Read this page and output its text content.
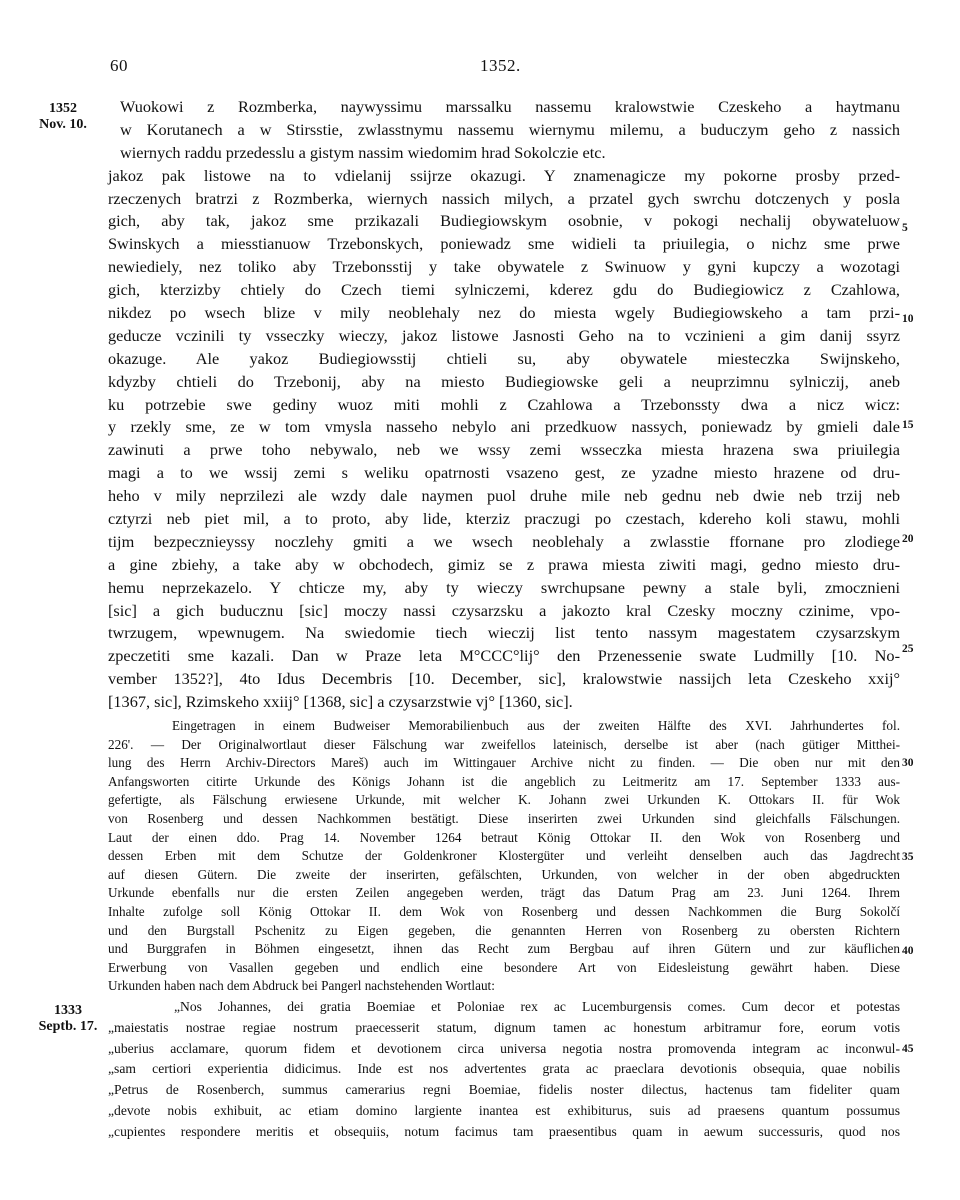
60	1352.
1352
Nov. 10.
1333
Septb. 17.
Wuokowi z Rozmberka, naywyssimu marssalku nassemu kralowstwie Czeskeho a haytmanu
w Korutanech a w Stirsstie, zwlasstnymu nassemu wiernymu milemu, a buduczym geho z nassich
wiernych raddu przedesslu a gistym nassim wiedomim hrad Sokolczie etc.
jakoz pak listowe na to vdielanij ssijrze okazugi. Y znamenagicze my pokorne prosby przed-
rzeczenych bratrzi z Rozmberka, wiernych nassich milych, a przatel gych swrchu dotczenych y posla
gich, aby tak, jakoz sme przikazali Budiegiowskym osobnie, v pokogi nechalij obywateluow
Swinskych a miesstianuow Trzebonskych, poniewadz sme widieli ta priuilegia, o nichz sme prwe
newiediely, nez toliko aby Trzebonsstij y take obywatele z Swinuow y gyni kupczy a wozotagi
gich, kterzizby chtiely do Czech tiemi sylniczemi, kderez gdu do Budiegiowicz z Czahlowa,
nikdez po wsech blize v mily neoblehaly nez do miesta wgely Budiegiowskeho a tam przi-
geducze vczinili ty vsseczky wieczy, jakoz listowe Jasnosti Geho na to vczinieni a gim danij ssyrz
okazuge. Ale yakoz Budiegiowsstij chtieli su, aby obywatele miesteczka Swijnskeho,
kdyzby chtieli do Trzebonij, aby na miesto Budiegiowske geli a neuprzimnu sylniczij, aneb
ku potrzebie swe gediny wuoz miti mohli z Czahlowa a Trzebonssty dwa a nicz wicz:
y rzekly sme, ze w tom vmysla nasseho nebylo ani przedkuow nassych, poniewadz by gmieli dale
zawinuti a prwe toho nebywalo, neb we wssy zemi wsseczka miesta hrazena swa priuilegia
magi a to we wssij zemi s weliku opatrnosti vsazeno gest, ze yzadne miesto hrazene od dru-
heho v mily neprzilezi ale wzdy dale naymen puol druhe mile neb gednu neb dwie neb trzij neb
cztyrzi neb piet mil, a to proto, aby lide, kterziz praczugi po czestach, kdereho koli stawu, mohli
tijm bezpecznieyssy noczlehy gmiti a we wsech neoblehaly a zwlasstie ffornane pro zlodiege
a gine zbiehy, a take aby w obchodech, gimiz se z prawa miesta ziwiti magi, gedno miesto dru-
hemu neprzekazelo. Y chticze my, aby ty wieczy swrchupsane pewny a stale byli, zmocznieni
[sic] a gich buducznu [sic] moczy nassi czysarzsku a jakozto kral Czesky moczny czinime, vpo-
twrzugem, wpewnugem. Na swiedomie tiech wieczij list tento nassym magestatem czysarzskym
zpeczetiti sme kazali. Dan w Praze leta M°CCC°lij° den Przenessenie swate Ludmilly [10. No-
vember 1352?], 4to Idus Decembris [10. December, sic], kralowstwie nassijch leta Czeskeho xxij°
[1367, sic], Rzimskeho xxiij° [1368, sic] a czysarzstwie vj° [1360, sic].
Eingetragen in einem Budweiser Memorabilienbuch aus der zweiten Hälfte des XVI. Jahrhundertes fol.
226'. — Der Originalwortlaut dieser Fälschung war zweifellos lateinisch, derselbe ist aber (nach gütiger Mitthei-
lung des Herrn Archiv-Directors Mareš) auch im Wittingauer Archive nicht zu finden. — Die oben nur mit den
Anfangsworten citirte Urkunde des Königs Johann ist die angeblich zu Leitmeritz am 17. September 1333 aus-
gefertigte, als Fälschung erwiesene Urkunde, mit welcher K. Johann zwei Urkunden K. Ottokars II. für Wok
von Rosenberg und dessen Nachkommen bestätigt. Diese inserirten zwei Urkunden sind gleichfalls Fälschungen.
Laut der einen ddo. Prag 14. November 1264 betraut König Ottokar II. den Wok von Rosenberg und
dessen Erben mit dem Schutze der Goldenkroner Klostergüter und verleiht denselben auch das Jagdrecht
auf diesen Gütern. Die zweite der inserirten, gefälschten, Urkunden, von welcher in der oben abgedruckten
Urkunde ebenfalls nur die ersten Zeilen angegeben werden, trägt das Datum Prag am 23. Juni 1264. Ihrem
Inhalte zufolge soll König Ottokar II. dem Wok von Rosenberg und dessen Nachkommen die Burg Sokolčí
und den Burgstall Pschenitz zu Eigen gegeben, die genannten Herren von Rosenberg zu obersten Richtern
und Burggrafen in Böhmen eingesetzt, ihnen das Recht zum Bergbau auf ihren Gütern und zur käuflichen
Erwerbung von Vasallen gegeben und endlich eine besondere Art von Eidesleistung gewährt haben. Diese
Urkunden haben nach dem Abdruck bei Pangerl nachstehenden Wortlaut:
„Nos Johannes, dei gratia Boemiae et Poloniae rex ac Lucemburgensis comes. Cum decor et potestas
„maiestatis nostrae regiae nostrum praecesserit statum, dignum tamen ac honestum arbitramur fore, eorum votis
„uberius acclamare, quorum fidem et devotionem circa universa negotia nostra promovenda integram ac inconwul-
„sam certiori experientia didicimus. Inde est nos advertentes grata ac praeclara devotionis obsequia, quae nobilis
„Petrus de Rosenberch, summus camerarius regni Boemiae, fidelis noster dilectus, hactenus tam fideliter quam
„devote nobis exhibuit, ac etiam domino largiente inantea est exhibiturus, suis ad praesens quantum possumus
„cupientes respondere meritis et obsequiis, notum facimus tam praesentibus quam in aewum successuris, quod nos
5
10
15
20
25
30
35
40
45
